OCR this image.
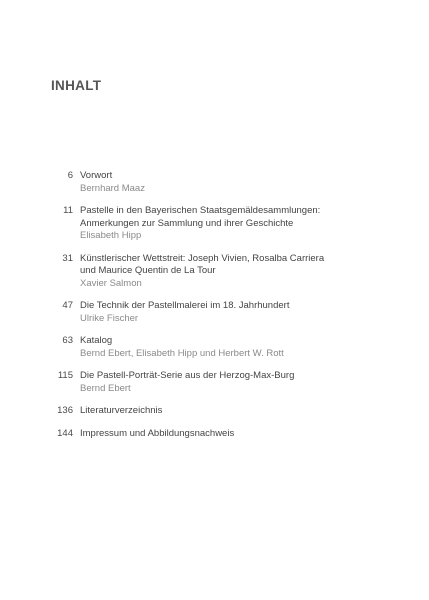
INHALT
6 Vorwort
Bernhard Maaz
11 Pastelle in den Bayerischen Staatsgemäldesammlungen:
Anmerkungen zur Sammlung und ihrer Geschichte
Elisabeth Hipp
31 Künstlerischer Wettstreit: Joseph Vivien, Rosalba Carriera
und Maurice Quentin de La Tour
Xavier Salmon
47 Die Technik der Pastellmalerei im 18. Jahrhundert
Ulrike Fischer
63 Katalog
Bernd Ebert, Elisabeth Hipp und Herbert W. Rott
115 Die Pastell-Porträt-Serie aus der Herzog-Max-Burg
Bernd Ebert
136 Literaturverzeichnis
144 Impressum und Abbildungsnachweis
